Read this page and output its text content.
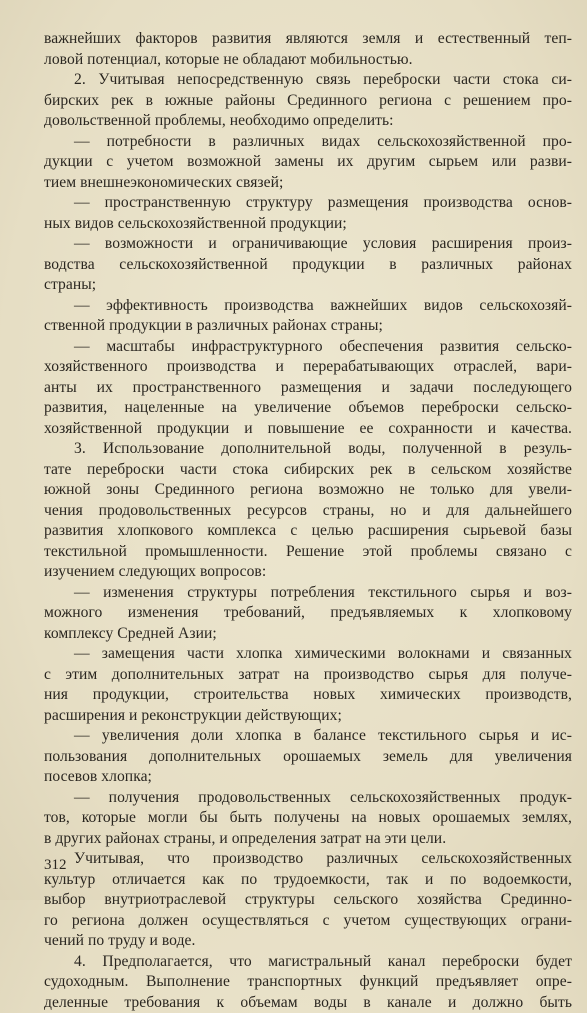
важнейших факторов развития являются земля и естественный теп-
ловой потенциал, которые не обладают мобильностью.
2. Учитывая непосредственную связь переброски части стока си-
бирских рек в южные районы Срединного региона с решением про-
довольственной проблемы, необходимо определить:
— потребности в различных видах сельскохозяйственной про-
дукции с учетом возможной замены их другим сырьем или разви-
тием внешнеэкономических связей;
— пространственную структуру размещения производства основ-
ных видов сельскохозяйственной продукции;
— возможности и ограничивающие условия расширения произ-
водства сельскохозяйственной продукции в различных районах
страны;
— эффективность производства важнейших видов сельскохозяй-
ственной продукции в различных районах страны;
— масштабы инфраструктурного обеспечения развития сельско-
хозяйственного производства и перерабатывающих отраслей, вари-
анты их пространственного размещения и задачи последующего
развития, нацеленные на увеличение объемов переброски сельско-
хозяйственной продукции и повышение ее сохранности и качества.
3. Использование дополнительной воды, полученной в резуль-
тате переброски части стока сибирских рек в сельском хозяйстве
южной зоны Срединного региона возможно не только для увели-
чения продовольственных ресурсов страны, но и для дальнейшего
развития хлопкового комплекса с целью расширения сырьевой базы
текстильной промышленности. Решение этой проблемы связано с
изучением следующих вопросов:
— изменения структуры потребления текстильного сырья и воз-
можного изменения требований, предъявляемых к хлопковому
комплексу Средней Азии;
— замещения части хлопка химическими волокнами и связанных
с этим дополнительных затрат на производство сырья для получе-
ния продукции, строительства новых химических производств,
расширения и реконструкции действующих;
— увеличения доли хлопка в балансе текстильного сырья и ис-
пользования дополнительных орошаемых земель для увеличения
посевов хлопка;
— получения продовольственных сельскохозяйственных продук-
тов, которые могли бы быть получены на новых орошаемых землях,
в других районах страны, и определения затрат на эти цели.
Учитывая, что производство различных сельскохозяйственных
культур отличается как по трудоемкости, так и по водоемкости,
выбор внутриотраслевой структуры сельского хозяйства Срединно-
го региона должен осуществляться с учетом существующих ограни-
чений по труду и воде.
4. Предполагается, что магистральный канал переброски будет
судоходным. Выполнение транспортных функций предъявляет опре-
деленные требования к объемам воды в канале и должно быть
312
